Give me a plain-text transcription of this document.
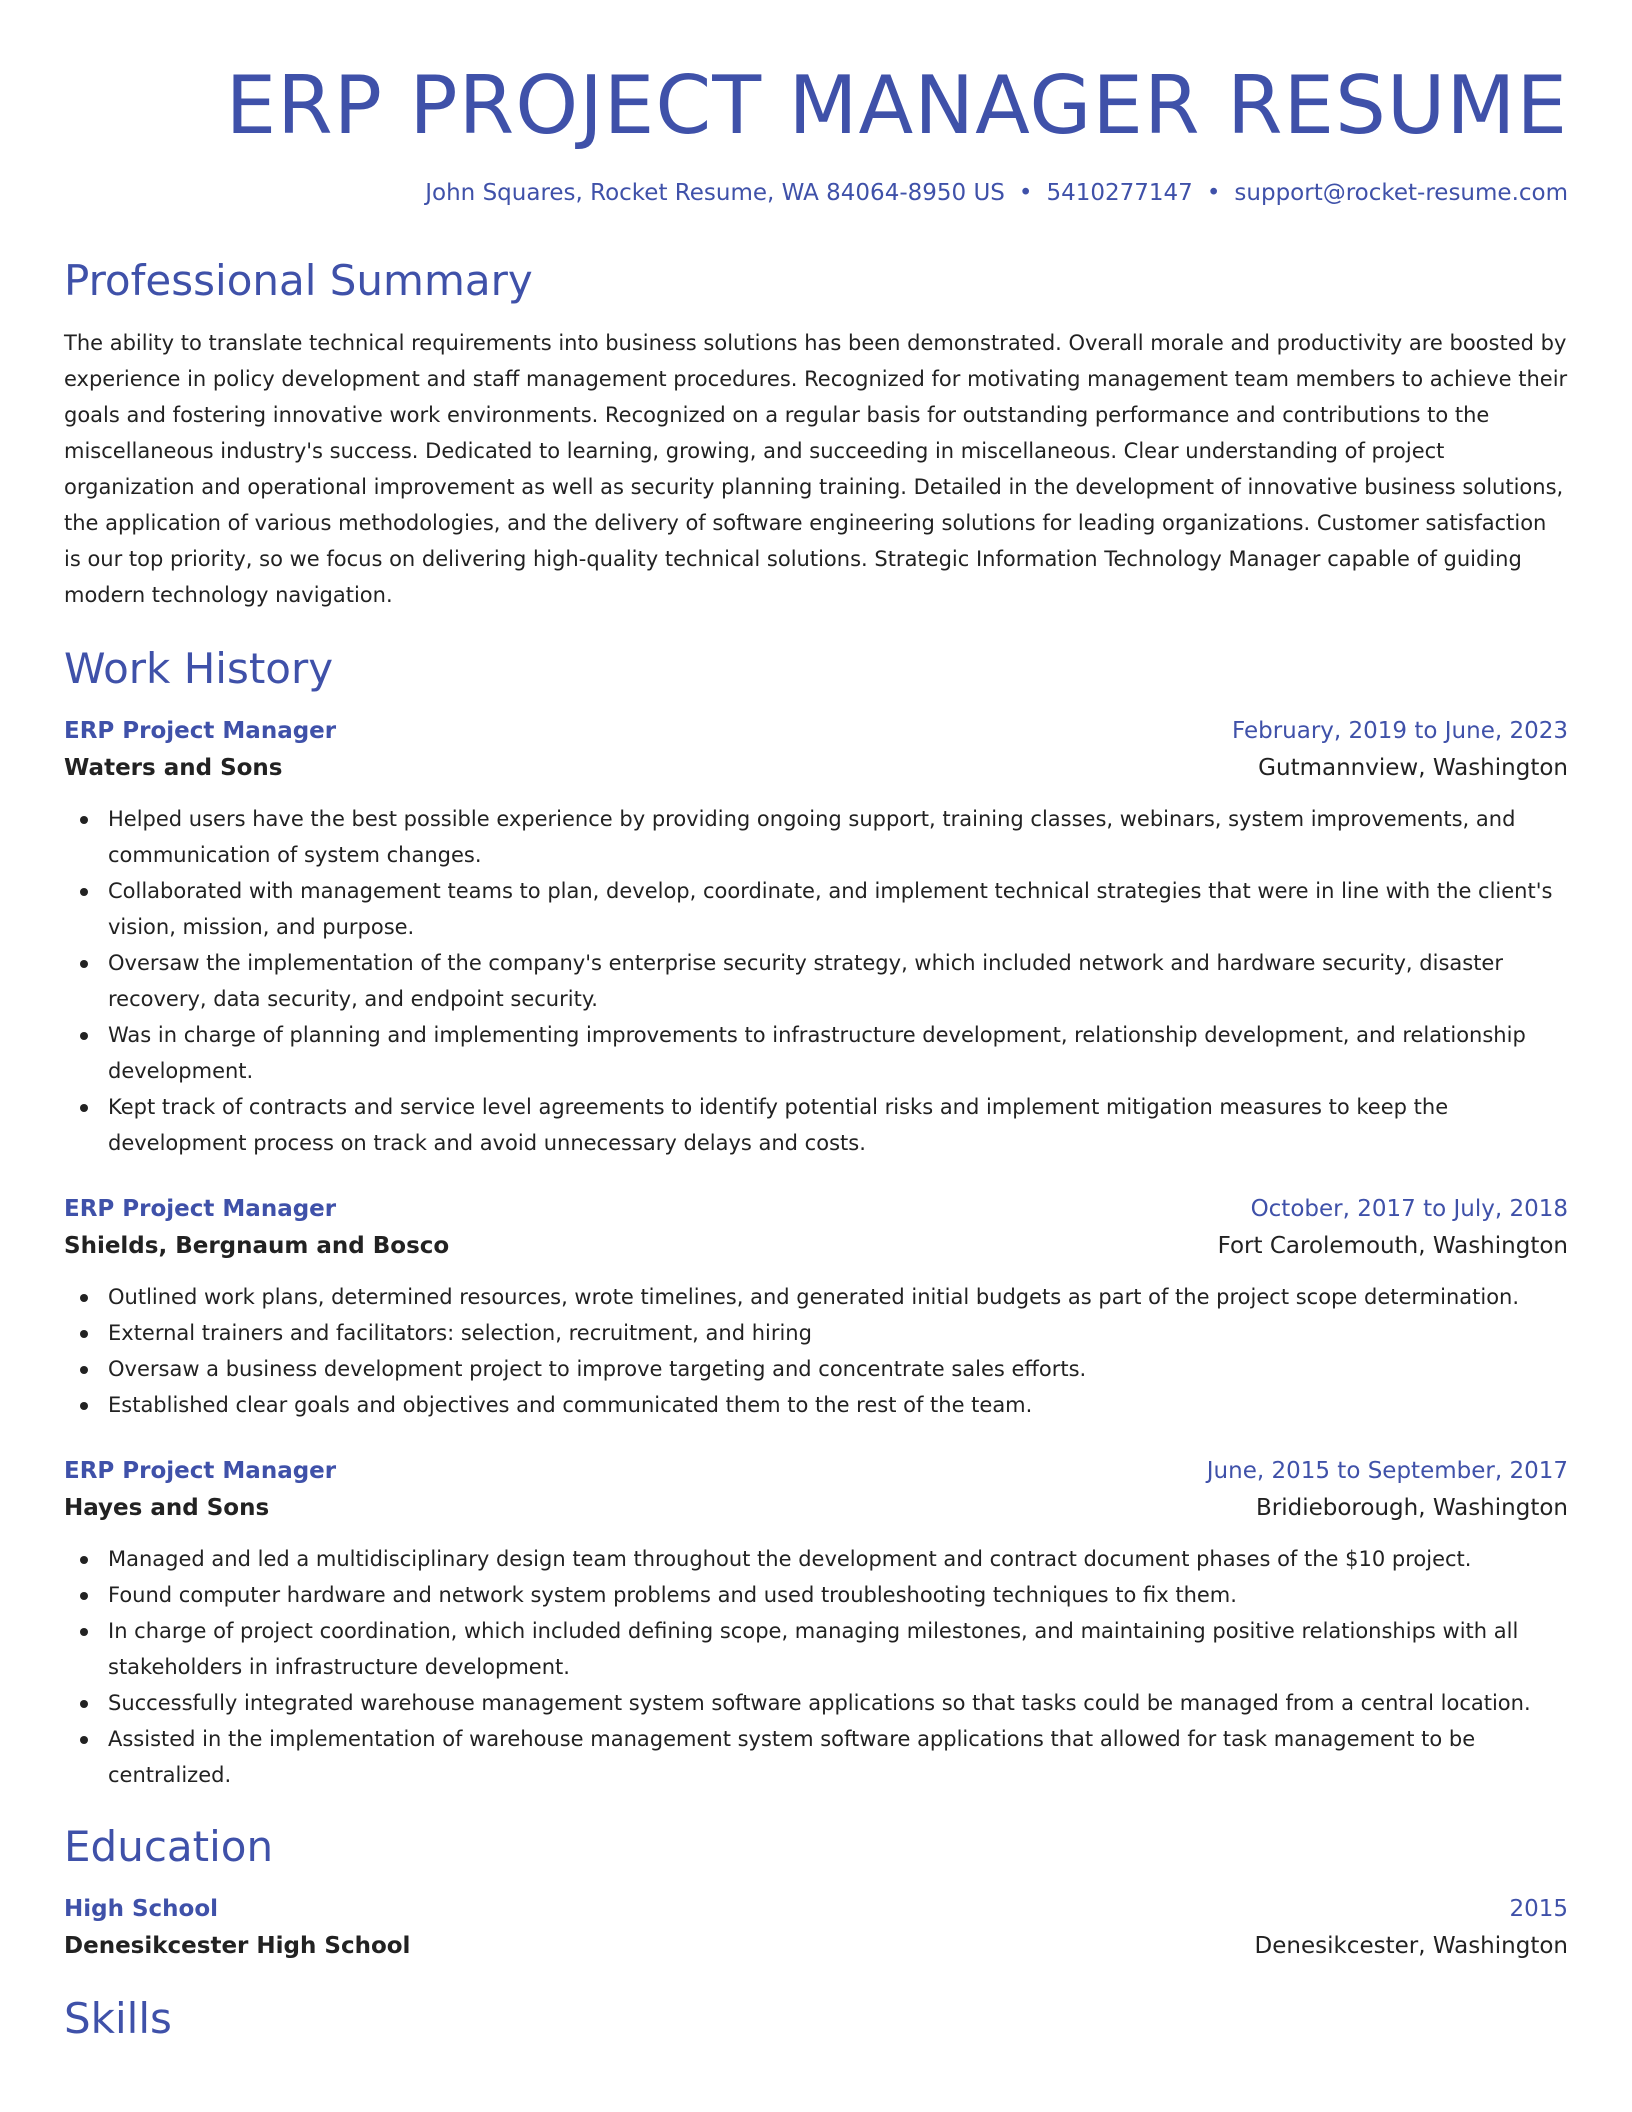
ERP PROJECT MANAGER RESUME
John Squares, Rocket Resume, WA 84064-8950 US • 5410277147 • support@rocket-resume.com
Professional Summary

The ability to translate technical requirements into business solutions has been demonstrated. Overall morale and productivity are boosted by experience in policy development and staff management procedures. Recognized for motivating management team members to achieve their goals and fostering innovative work environments. Recognized on a regular basis for outstanding performance and contributions to the miscellaneous industry's success. Dedicated to learning, growing, and succeeding in miscellaneous. Clear understanding of project organization and operational improvement as well as security planning training. Detailed in the development of innovative business solutions, the application of various methodologies, and the delivery of software engineering solutions for leading organizations. Customer satisfaction is our top priority, so we focus on delivering high-quality technical solutions. Strategic Information Technology Manager capable of guiding modern technology navigation.

Work History
ERP Project Manager	February, 2019 to June, 2023
Waters and Sons	Gutmannview, Washington
Helped users have the best possible experience by providing ongoing support, training classes, webinars, system improvements, and communication of system changes.
Collaborated with management teams to plan, develop, coordinate, and implement technical strategies that were in line with the client's vision, mission, and purpose.
Oversaw the implementation of the company's enterprise security strategy, which included network and hardware security, disaster recovery, data security, and endpoint security.
Was in charge of planning and implementing improvements to infrastructure development, relationship development, and relationship development.
Kept track of contracts and service level agreements to identify potential risks and implement mitigation measures to keep the development process on track and avoid unnecessary delays and costs.
ERP Project Manager	October, 2017 to July, 2018
Shields, Bergnaum and Bosco	Fort Carolemouth, Washington
Outlined work plans, determined resources, wrote timelines, and generated initial budgets as part of the project scope determination.
External trainers and facilitators: selection, recruitment, and hiring
Oversaw a business development project to improve targeting and concentrate sales efforts.
Established clear goals and objectives and communicated them to the rest of the team.
ERP Project Manager	June, 2015 to September, 2017
Hayes and Sons	Bridieborough, Washington
Managed and led a multidisciplinary design team throughout the development and contract document phases of the $10 project.
Found computer hardware and network system problems and used troubleshooting techniques to fix them.
In charge of project coordination, which included defining scope, managing milestones, and maintaining positive relationships with all stakeholders in infrastructure development.
Successfully integrated warehouse management system software applications so that tasks could be managed from a central location.
Assisted in the implementation of warehouse management system software applications that allowed for task management to be centralized.
Education
High School	2015
Denesikcester High School	Denesikcester, Washington
Skills
